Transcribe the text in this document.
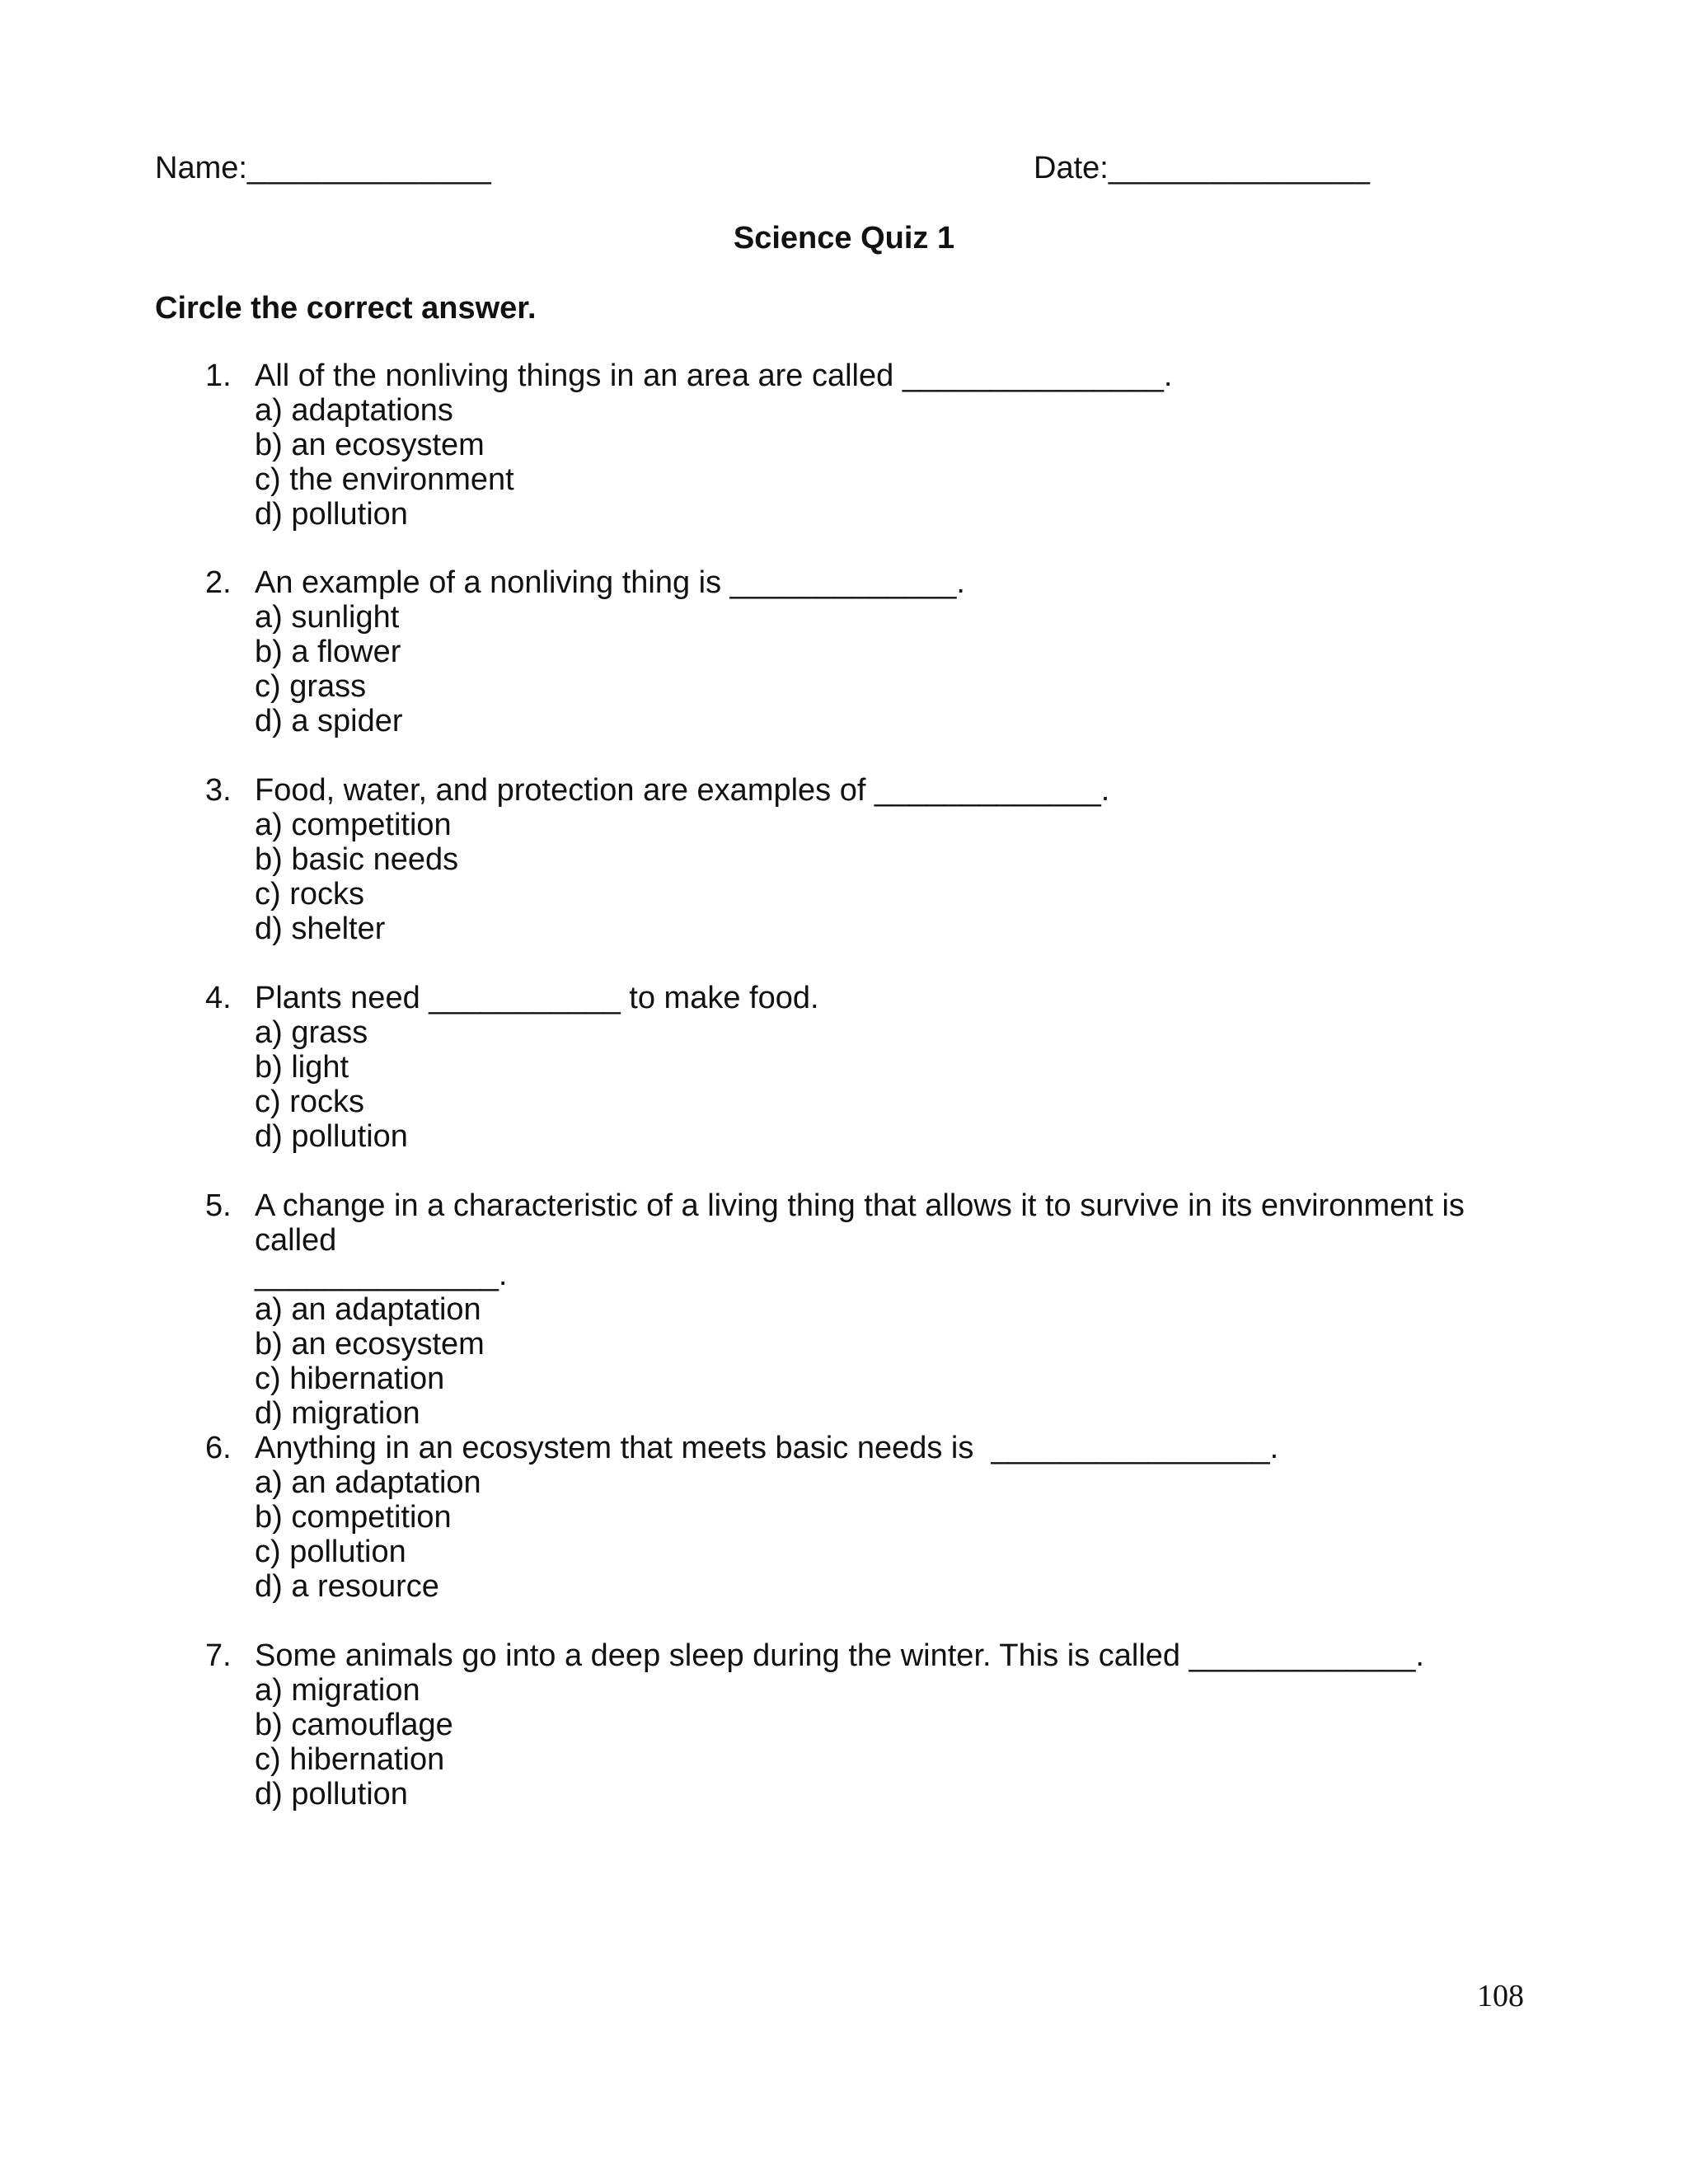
Name:______________	Date:_______________
Science Quiz 1
Circle the correct answer.
1. All of the nonliving things in an area are called _______________.
a) adaptations
b) an ecosystem
c) the environment
d) pollution
2. An example of a nonliving thing is _____________.
a) sunlight
b) a flower
c) grass
d) a spider
3. Food, water, and protection are examples of _____________.
a) competition
b) basic needs
c) rocks
d) shelter
4. Plants need ___________ to make food.
a) grass
b) light
c) rocks
d) pollution
5. A change in a characteristic of a living thing that allows it to survive in its environment is called
______________.
a) an adaptation
b) an ecosystem
c) hibernation
d) migration
6. Anything in an ecosystem that meets basic needs is  ________________.
a) an adaptation
b) competition
c) pollution
d) a resource
7. Some animals go into a deep sleep during the winter. This is called _____________.
a) migration
b) camouflage
c) hibernation
d) pollution
108
